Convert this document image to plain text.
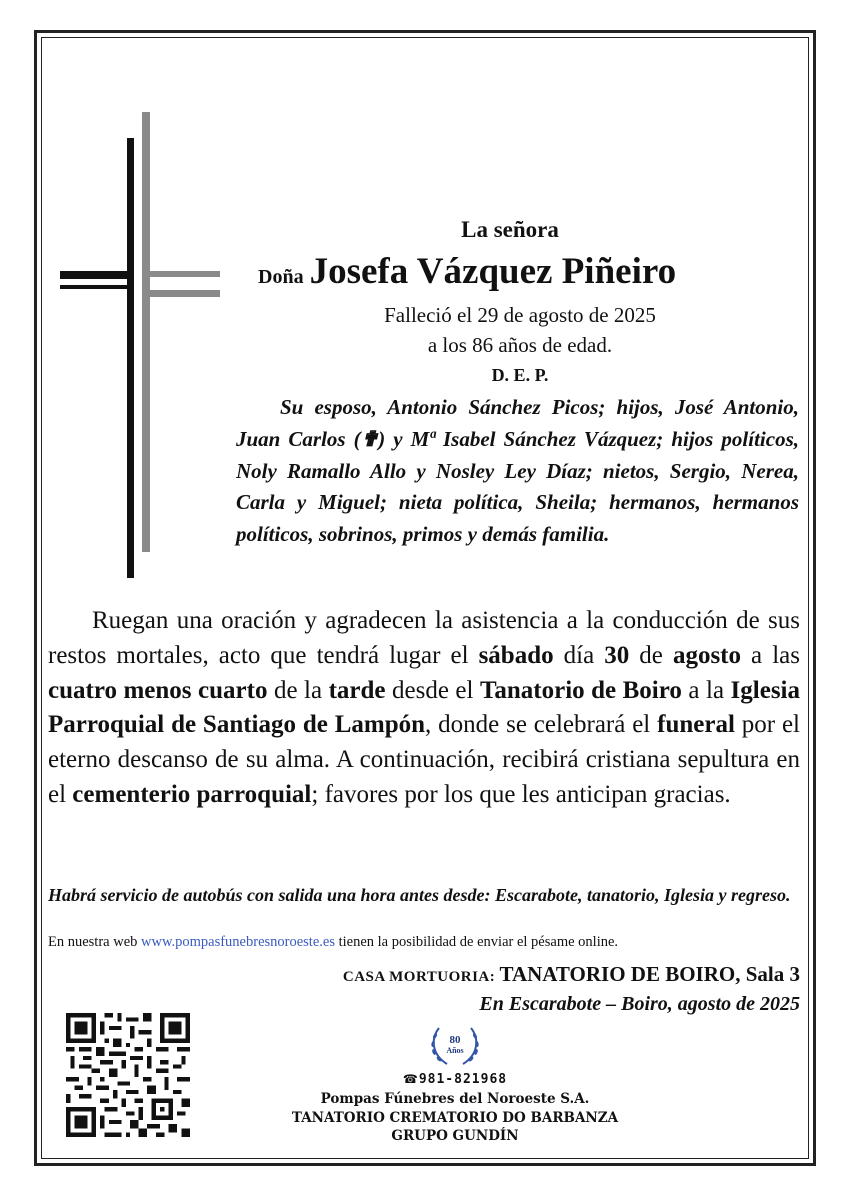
La señora
Doña Josefa Vázquez Piñeiro
Falleció el 29 de agosto de 2025
a los 86 años de edad.
D. E. P.

Su esposo, Antonio Sánchez Picos; hijos, José Antonio, Juan Carlos (✟) y Mª Isabel Sánchez Vázquez; hijos políticos, Noly Ramallo Allo y Nosley Ley Díaz; nietos, Sergio, Nerea, Carla y Miguel; nieta política, Sheila; hermanos, hermanos políticos, sobrinos, primos y demás familia.

Ruegan una oración y agradecen la asistencia a la conducción de sus restos mortales, acto que tendrá lugar el sábado día 30 de agosto a las cuatro menos cuarto de la tarde desde el Tanatorio de Boiro a la Iglesia Parroquial de Santiago de Lampón, donde se celebrará el funeral por el eterno descanso de su alma. A continuación, recibirá cristiana sepultura en el cementerio parroquial; favores por los que les anticipan gracias.

Habrá servicio de autobús con salida una hora antes desde: Escarabote, tanatorio, Iglesia y regreso.

En nuestra web www.pompasfunebresnoroeste.es tienen la posibilidad de enviar el pésame online.
CASA MORTUORIA: TANATORIO DE BOIRO, Sala 3
En Escarabote – Boiro, agosto de 2025
80
Años
☎981-821968
Pompas Fúnebres del Noroeste S.A.
TANATORIO CREMATORIO DO BARBANZA
GRUPO GUNDÍN
